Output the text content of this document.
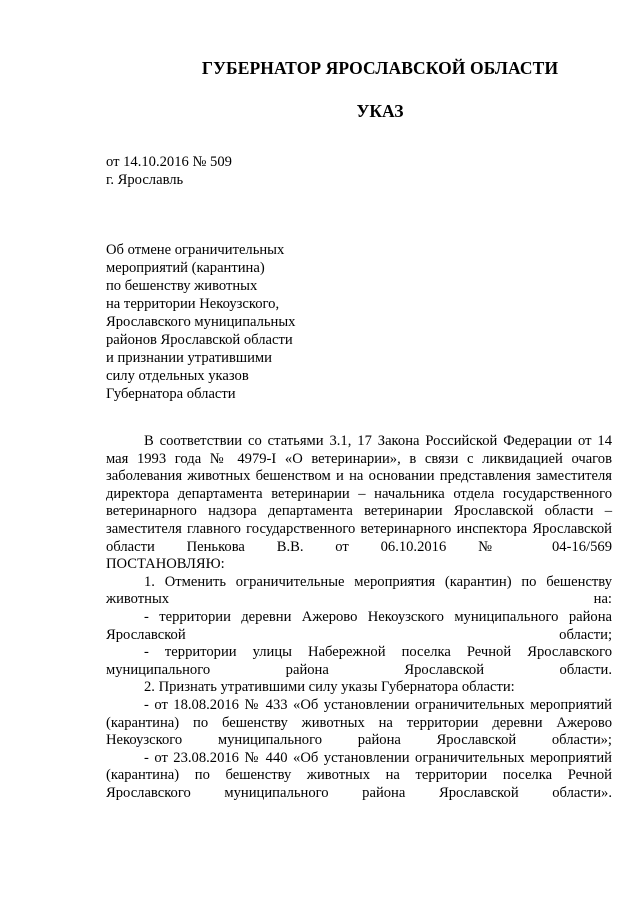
ГУБЕРНАТОР ЯРОСЛАВСКОЙ ОБЛАСТИ
УКАЗ
от 14.10.2016 № 509
г. Ярославль
Об отмене ограничительных
мероприятий (карантина)
по бешенству животных
на территории Некоузского,
Ярославского муниципальных
районов Ярославской области
и признании утратившими
силу отдельных указов
Губернатора области

В соответствии со статьями 3.1, 17 Закона Российской Федерации от 14 мая 1993 года № 4979-I «О ветеринарии», в связи с ликвидацией очагов заболевания животных бешенством и на основании представления заместителя директора департамента ветеринарии – начальника отдела государственного ветеринарного надзора департамента ветеринарии Ярославской области – заместителя главного государственного ветеринарного инспектора Ярославской области Пенькова В.В. от 06.10.2016 № 04-16/569

ПОСТАНОВЛЯЮ:

1. Отменить ограничительные мероприятия (карантин) по бешенству животных на:

- территории деревни Ажерово Некоузского муниципального района Ярославской области;

- территории улицы Набережной поселка Речной Ярославского муниципального района Ярославской области.

2. Признать утратившими силу указы Губернатора области:

- от 18.08.2016 № 433 «Об установлении ограничительных мероприятий (карантина) по бешенству животных на территории деревни Ажерово Некоузского муниципального района Ярославской области»;

- от 23.08.2016 № 440 «Об установлении ограничительных мероприятий (карантина) по бешенству животных на территории поселка Речной Ярославского муниципального района Ярославской области».
